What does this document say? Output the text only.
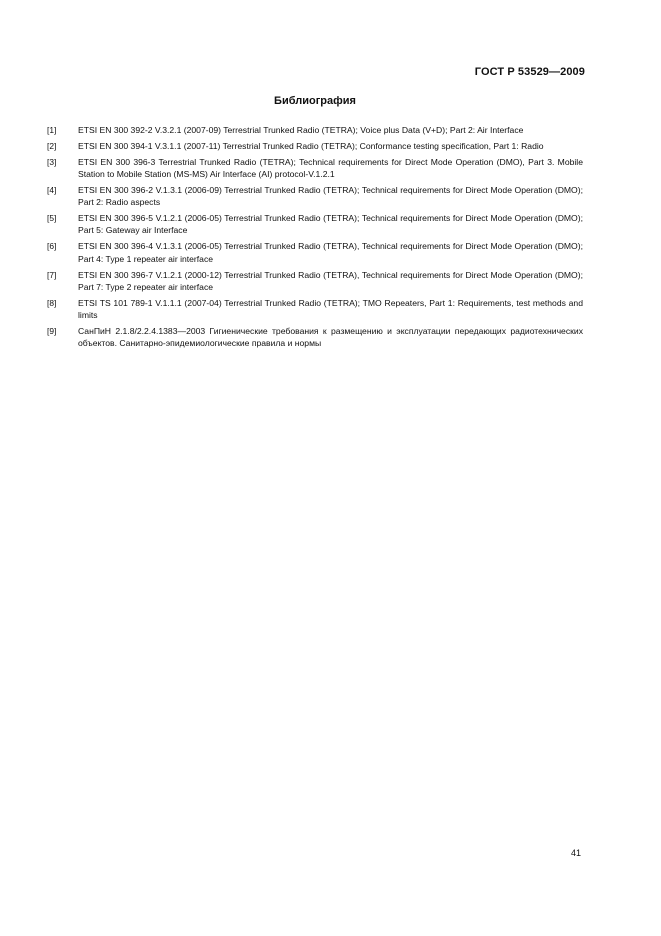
ГОСТ Р 53529—2009

Библиография
[1]	ETSI EN 300 392-2 V.3.2.1 (2007-09) Terrestrial Trunked Radio (TETRA); Voice plus Data (V+D); Part 2: Air Interface
[2]	ETSI EN 300 394-1 V.3.1.1 (2007-11) Terrestrial Trunked Radio (TETRA); Conformance testing specification, Part 1: Radio
[3]	ETSI EN 300 396-3 Terrestrial Trunked Radio (TETRA); Technical requirements for Direct Mode Operation (DMO), Part 3. Mobile Station to Mobile Station (MS-MS) Air Interface (AI) protocol-V.1.2.1
[4]	ETSI EN 300 396-2 V.1.3.1 (2006-09) Terrestrial Trunked Radio (TETRA); Technical requirements for Direct Mode Operation (DMO); Part 2: Radio aspects
[5]	ETSI EN 300 396-5 V.1.2.1 (2006-05) Terrestrial Trunked Radio (TETRA); Technical requirements for Direct Mode Operation (DMO); Part 5: Gateway air Interface
[6]	ETSI EN 300 396-4 V.1.3.1 (2006-05) Terrestrial Trunked Radio (TETRA), Technical requirements for Direct Mode Operation (DMO); Part 4: Type 1 repeater air interface
[7]	ETSI EN 300 396-7 V.1.2.1 (2000-12) Terrestrial Trunked Radio (TETRA), Technical requirements for Direct Mode Operation (DMO); Part 7: Type 2 repeater air interface
[8]	ETSI TS 101 789-1 V.1.1.1 (2007-04) Terrestrial Trunked Radio (TETRA); TMO Repeaters, Part 1: Requirements, test methods and limits
[9]	СанПиН 2.1.8/2.2.4.1383—2003 Гигиенические требования к размещению и эксплуатации передающих радиотехнических объектов. Санитарно-эпидемиологические правила и нормы

41
